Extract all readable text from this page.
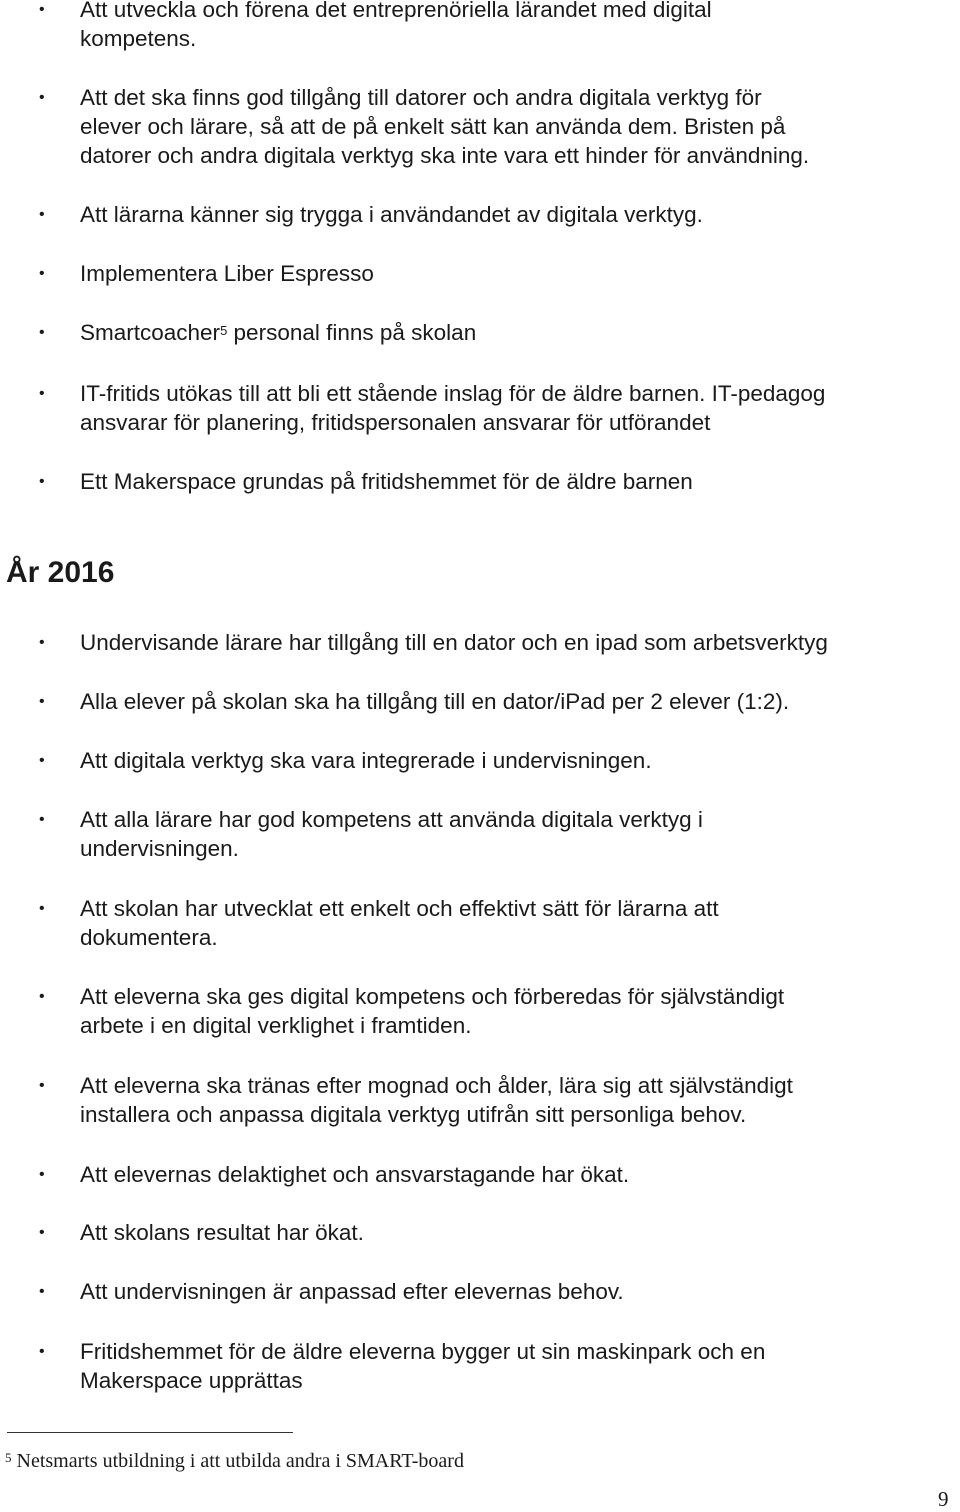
• Att utveckla och förena det entreprenöriella lärandet med digital
kompetens.
• Att det ska finns god tillgång till datorer och andra digitala verktyg för
elever och lärare, så att de på enkelt sätt kan använda dem. Bristen på
datorer och andra digitala verktyg ska inte vara ett hinder för användning.
• Att lärarna känner sig trygga i användandet av digitala verktyg.
• Implementera Liber Espresso
• Smartcoacher$^5$ personal finns på skolan
• IT-fritids utökas till att bli ett stående inslag för de äldre barnen. IT-pedagog
ansvarar för planering, fritidspersonalen ansvarar för utförandet
• Ett Makerspace grundas på fritidshemmet för de äldre barnen
År 2016
• Undervisande lärare har tillgång till en dator och en ipad som arbetsverktyg
• Alla elever på skolan ska ha tillgång till en dator/iPad per 2 elever (1:2).
• Att digitala verktyg ska vara integrerade i undervisningen.
• Att alla lärare har god kompetens att använda digitala verktyg i
undervisningen.
• Att skolan har utvecklat ett enkelt och effektivt sätt för lärarna att
dokumentera.
• Att eleverna ska ges digital kompetens och förberedas för självständigt
arbete i en digital verklighet i framtiden.
• Att eleverna ska tränas efter mognad och ålder, lära sig att självständigt
installera och anpassa digitala verktyg utifrån sitt personliga behov.
• Att elevernas delaktighet och ansvarstagande har ökat.
• Att skolans resultat har ökat.
• Att undervisningen är anpassad efter elevernas behov.
• Fritidshemmet för de äldre eleverna bygger ut sin maskinpark och en
Makerspace upprättas
$^5$ Netsmarts utbildning i att utbilda andra i SMART-board
9
